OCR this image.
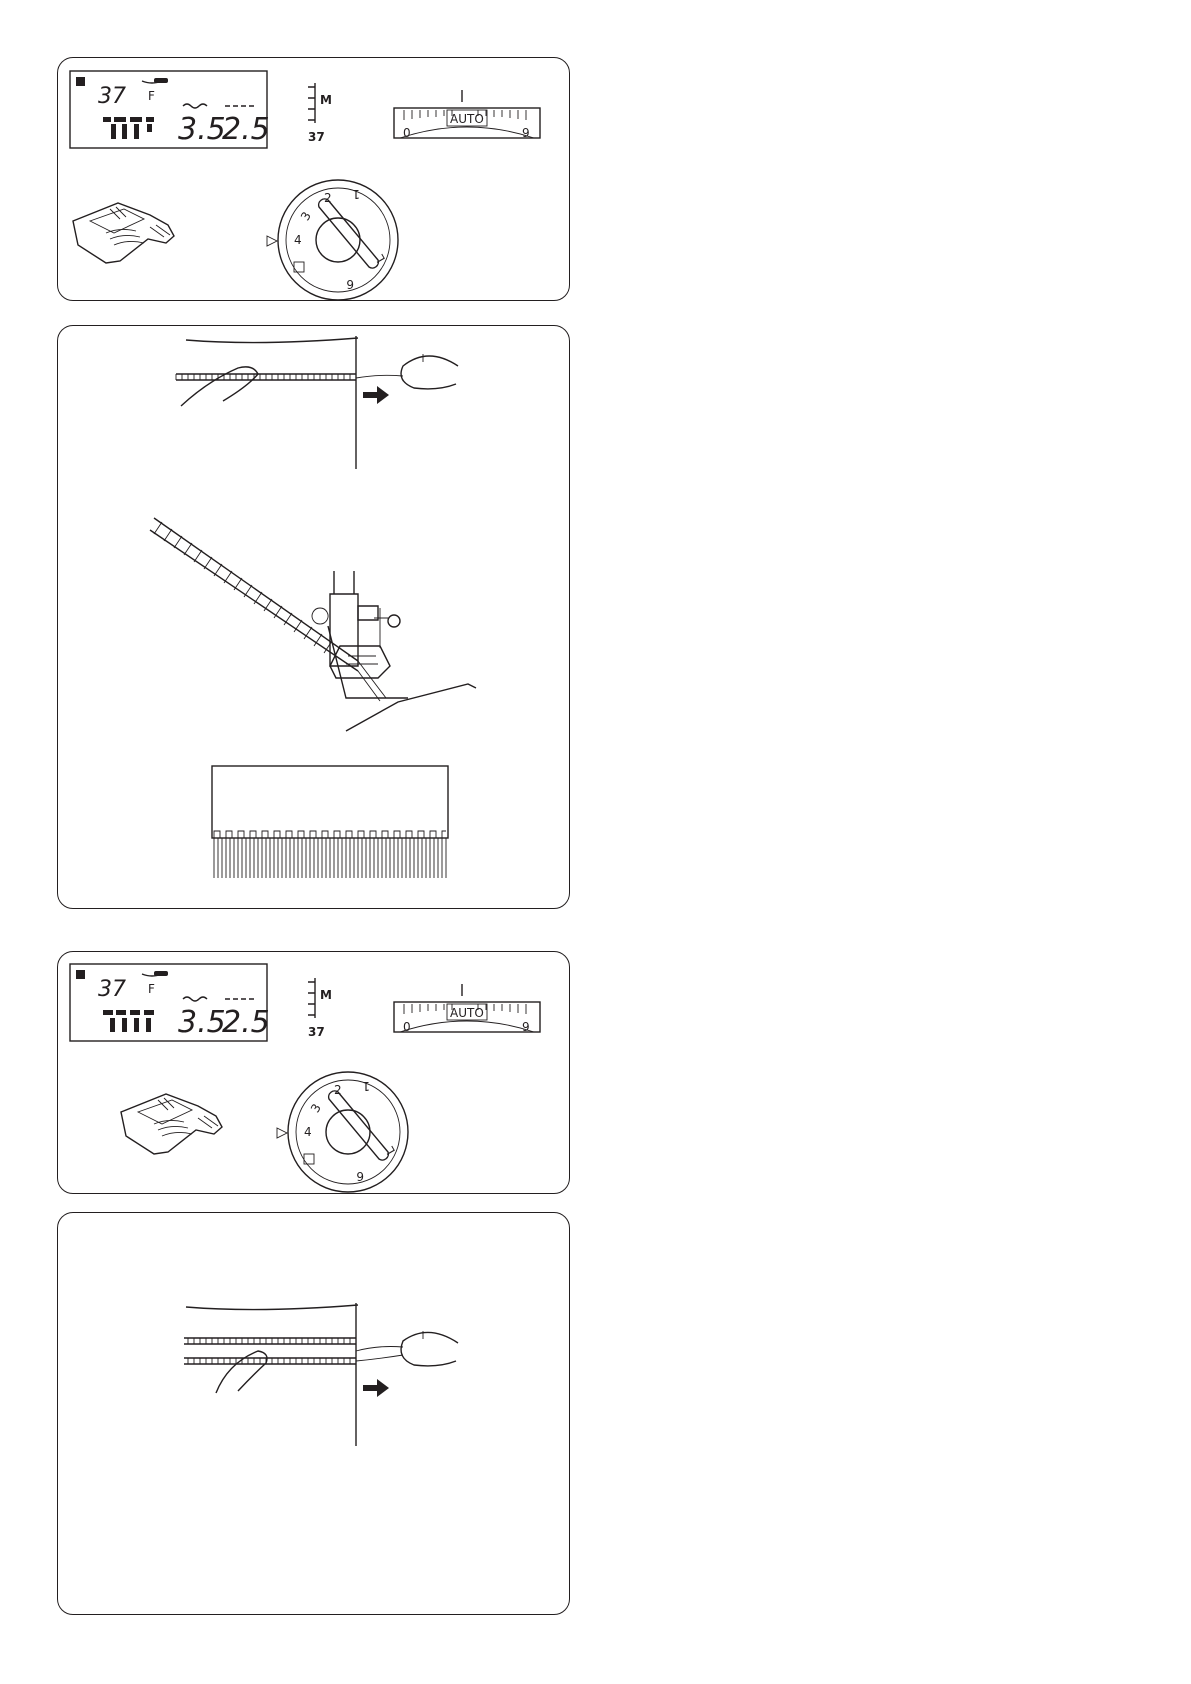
37 F
3.5
2.5
M
37
AUTO
0	9
2 1
L
6
3
4
37 F
3.5
2.5
M
37
AUTO
0	9
2 1
L
6
3
4
